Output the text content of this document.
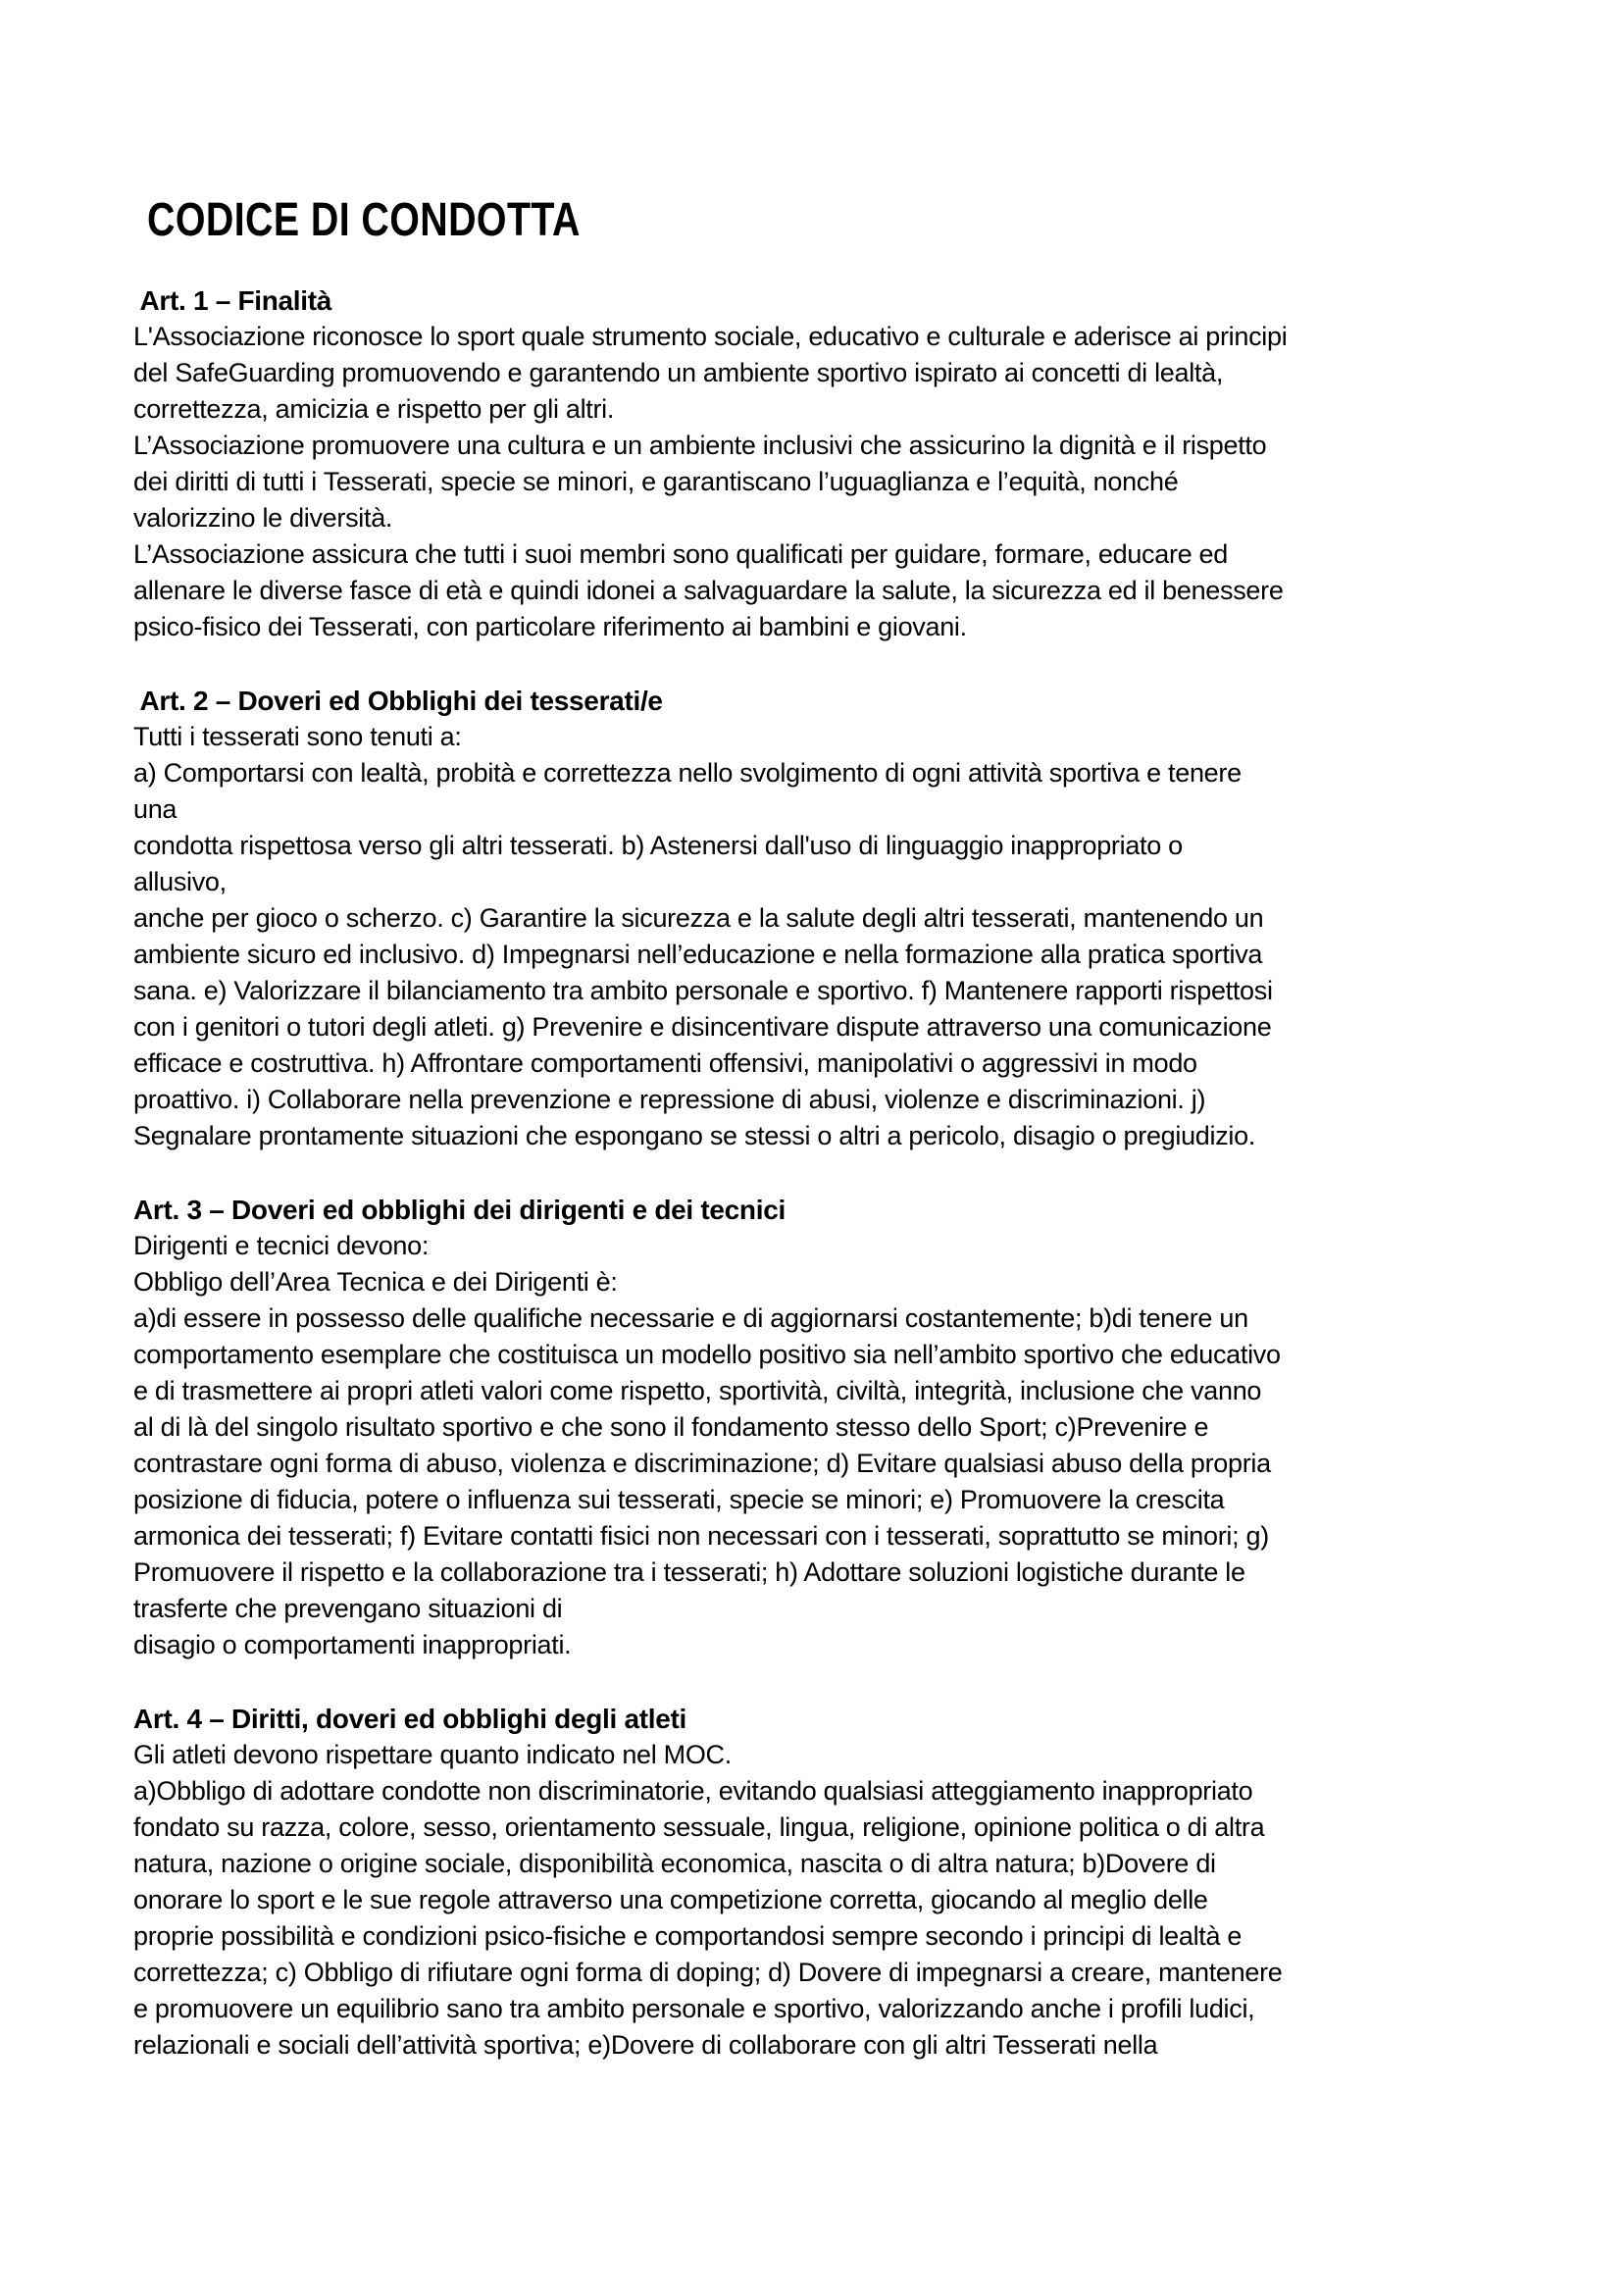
CODICE DI CONDOTTA
Art. 1 – Finalità
L'Associazione riconosce lo sport quale strumento sociale, educativo e culturale e aderisce ai principi
del SafeGuarding promuovendo e garantendo un ambiente sportivo ispirato ai concetti di lealtà,
correttezza, amicizia e rispetto per gli altri.
L’Associazione promuovere una cultura e un ambiente inclusivi che assicurino la dignità e il rispetto
dei diritti di tutti i Tesserati, specie se minori, e garantiscano l’uguaglianza e l’equità, nonché
valorizzino le diversità.
L’Associazione assicura che tutti i suoi membri sono qualificati per guidare, formare, educare ed
allenare le diverse fasce di età e quindi idonei a salvaguardare la salute, la sicurezza ed il benessere
psico-fisico dei Tesserati, con particolare riferimento ai bambini e giovani.
Art. 2 – Doveri ed Obblighi dei tesserati/e
Tutti i tesserati sono tenuti a:
a) Comportarsi con lealtà, probità e correttezza nello svolgimento di ogni attività sportiva e tenere
una
condotta rispettosa verso gli altri tesserati. b) Astenersi dall'uso di linguaggio inappropriato o
allusivo,
anche per gioco o scherzo. c) Garantire la sicurezza e la salute degli altri tesserati, mantenendo un
ambiente sicuro ed inclusivo. d) Impegnarsi nell’educazione e nella formazione alla pratica sportiva
sana. e) Valorizzare il bilanciamento tra ambito personale e sportivo. f) Mantenere rapporti rispettosi
con i genitori o tutori degli atleti. g) Prevenire e disincentivare dispute attraverso una comunicazione
efficace e costruttiva. h) Affrontare comportamenti offensivi, manipolativi o aggressivi in modo
proattivo. i) Collaborare nella prevenzione e repressione di abusi, violenze e discriminazioni. j)
Segnalare prontamente situazioni che espongano se stessi o altri a pericolo, disagio o pregiudizio.
Art. 3 – Doveri ed obblighi dei dirigenti e dei tecnici
Dirigenti e tecnici devono:
Obbligo dell’Area Tecnica e dei Dirigenti è:
a)di essere in possesso delle qualifiche necessarie e di aggiornarsi costantemente; b)di tenere un
comportamento esemplare che costituisca un modello positivo sia nell’ambito sportivo che educativo
e di trasmettere ai propri atleti valori come rispetto, sportività, civiltà, integrità, inclusione che vanno
al di là del singolo risultato sportivo e che sono il fondamento stesso dello Sport; c)Prevenire e
contrastare ogni forma di abuso, violenza e discriminazione; d) Evitare qualsiasi abuso della propria
posizione di fiducia, potere o influenza sui tesserati, specie se minori; e) Promuovere la crescita
armonica dei tesserati; f) Evitare contatti fisici non necessari con i tesserati, soprattutto se minori; g)
Promuovere il rispetto e la collaborazione tra i tesserati; h) Adottare soluzioni logistiche durante le
trasferte che prevengano situazioni di
disagio o comportamenti inappropriati.
Art. 4 – Diritti, doveri ed obblighi degli atleti
Gli atleti devono rispettare quanto indicato nel MOC.
a)Obbligo di adottare condotte non discriminatorie, evitando qualsiasi atteggiamento inappropriato
fondato su razza, colore, sesso, orientamento sessuale, lingua, religione, opinione politica o di altra
natura, nazione o origine sociale, disponibilità economica, nascita o di altra natura; b)Dovere di
onorare lo sport e le sue regole attraverso una competizione corretta, giocando al meglio delle
proprie possibilità e condizioni psico-fisiche e comportandosi sempre secondo i principi di lealtà e
correttezza; c) Obbligo di rifiutare ogni forma di doping; d) Dovere di impegnarsi a creare, mantenere
e promuovere un equilibrio sano tra ambito personale e sportivo, valorizzando anche i profili ludici,
relazionali e sociali dell’attività sportiva; e)Dovere di collaborare con gli altri Tesserati nella
